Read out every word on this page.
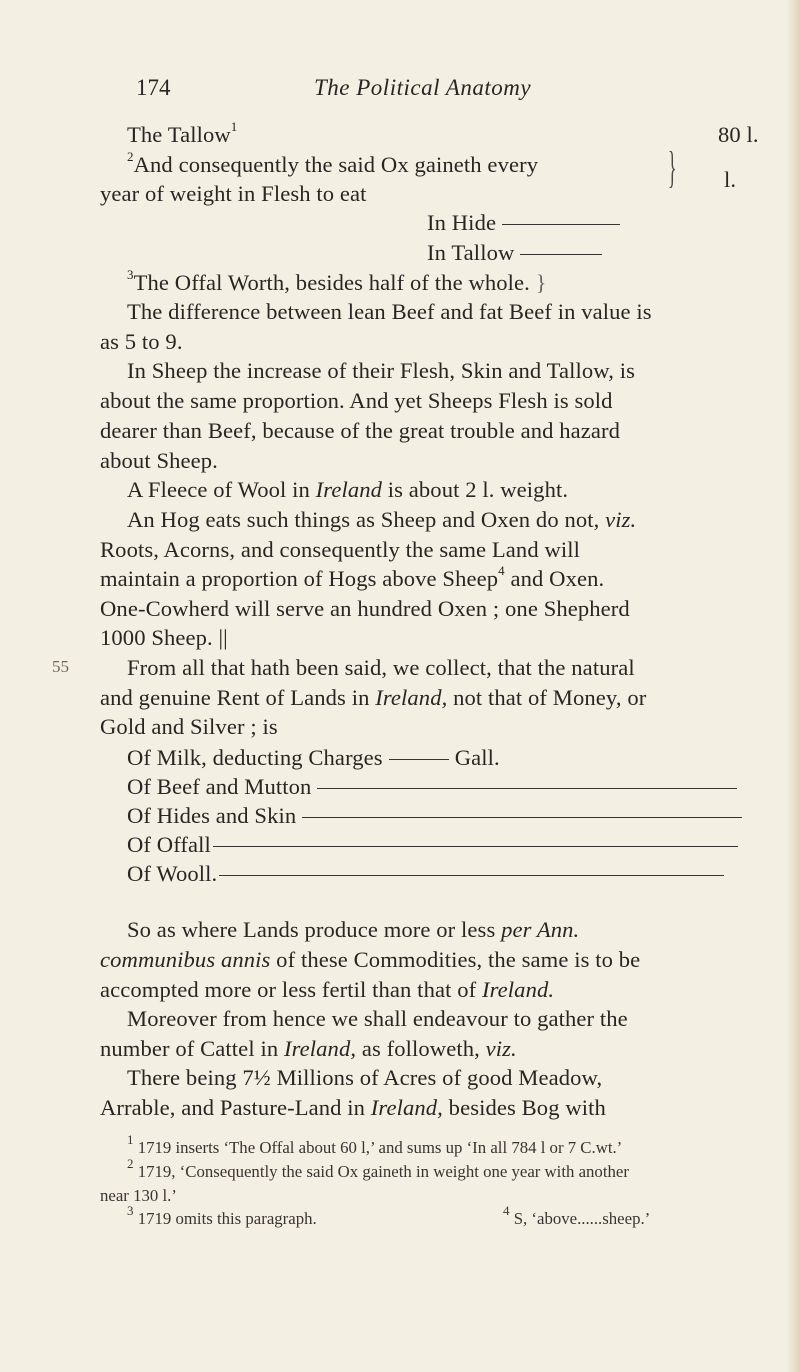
174	The Political Anatomy
The Tallow$^1$	80 l.
$^2$And consequently the said Ox gaineth every
year of weight in Flesh to eat
} l.
In Hide
In Tallow
$^3$The Offal Worth, besides half of the whole. }
The difference between lean Beef and fat Beef in value is
as 5 to 9.
In Sheep the increase of their Flesh, Skin and Tallow, is
about the same proportion. And yet Sheeps Flesh is sold
dearer than Beef, because of the great trouble and hazard
about Sheep.
A Fleece of Wool in Ireland is about 2 l. weight.
An Hog eats such things as Sheep and Oxen do not, viz.
Roots, Acorns, and consequently the same Land will
maintain a proportion of Hogs above Sheep$^4$ and Oxen.
One-Cowherd will serve an hundred Oxen ; one Shepherd
1000 Sheep. ||
55	From all that hath been said, we collect, that the natural
and genuine Rent of Lands in Ireland, not that of Money, or
Gold and Silver ; is
Of Milk, deducting Charges	Gall.
Of Beef and Mutton
Of Hides and Skin
Of Offall
Of Wooll.
So as where Lands produce more or less per Ann.
communibus annis of these Commodities, the same is to be
accompted more or less fertil than that of Ireland.
Moreover from hence we shall endeavour to gather the
number of Cattel in Ireland, as followeth, viz.
There being 7½ Millions of Acres of good Meadow,
Arrable, and Pasture-Land in Ireland, besides Bog with
$^1$ 1719 inserts ‘The Offal about 60 l,’ and sums up ‘In all 784 l or 7 C.wt.’
$^2$ 1719, ‘Consequently the said Ox gaineth in weight one year with another
near 130 l.’
$^3$ 1719 omits this paragraph.	$^4$ S, ‘above......sheep.’
